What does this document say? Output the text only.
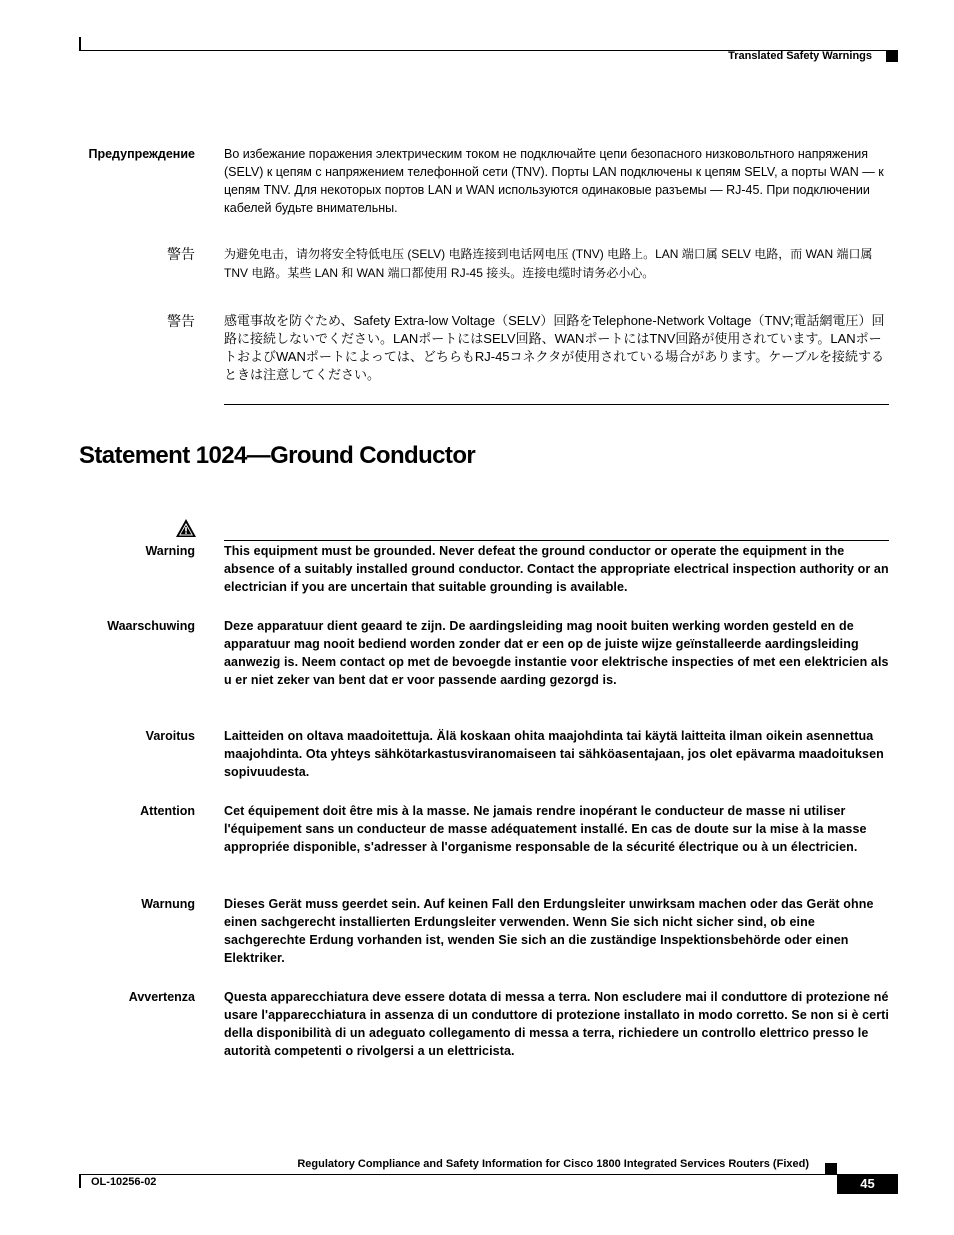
Translated Safety Warnings
Предупреждение Во избежание поражения электрическим током не подключайте цепи безопасного низковольтного напряжения (SELV) к цепям с напряжением телефонной сети (TNV). Порты LAN подключены к цепям SELV, а порты WAN — к цепям TNV. Для некоторых портов LAN и WAN используются одинаковые разъемы — RJ-45. При подключении кабелей будьте внимательны.
警告 为避免电击，请勿将安全特低电压 (SELV) 电路连接到电话网电压 (TNV) 电路上。LAN 端口属 SELV 电路，而 WAN 端口属 TNV 电路。某些 LAN 和 WAN 端口都使用 RJ-45 接头。连接电缆时请务必小心。
警告 感電事故を防ぐため、Safety Extra-low Voltage（SELV）回路をTelephone-Network Voltage（TNV;電話網電圧）回路に接続しないでください。LANポートにはSELV回路、WANポートにはTNV回路が使用されています。LANポートおよびWANポートによっては、どちらもRJ-45コネクタが使用されている場合があります。ケーブルを接続するときは注意してください。
Statement 1024—Ground Conductor
Warning This equipment must be grounded. Never defeat the ground conductor or operate the equipment in the absence of a suitably installed ground conductor. Contact the appropriate electrical inspection authority or an electrician if you are uncertain that suitable grounding is available.
Waarschuwing Deze apparatuur dient geaard te zijn. De aardingsleiding mag nooit buiten werking worden gesteld en de apparatuur mag nooit bediend worden zonder dat er een op de juiste wijze geïnstalleerde aardingsleiding aanwezig is. Neem contact op met de bevoegde instantie voor elektrische inspecties of met een elektricien als u er niet zeker van bent dat er voor passende aarding gezorgd is.
Varoitus Laitteiden on oltava maadoitettuja. Älä koskaan ohita maajohdinta tai käytä laitteita ilman oikein asennettua maajohdinta. Ota yhteys sähkötarkastusviranomaiseen tai sähköasentajaan, jos olet epävarma maadoituksen sopivuudesta.
Attention Cet équipement doit être mis à la masse. Ne jamais rendre inopérant le conducteur de masse ni utiliser l'équipement sans un conducteur de masse adéquatement installé. En cas de doute sur la mise à la masse appropriée disponible, s'adresser à l'organisme responsable de la sécurité électrique ou à un électricien.
Warnung Dieses Gerät muss geerdet sein. Auf keinen Fall den Erdungsleiter unwirksam machen oder das Gerät ohne einen sachgerecht installierten Erdungsleiter verwenden. Wenn Sie sich nicht sicher sind, ob eine sachgerechte Erdung vorhanden ist, wenden Sie sich an die zuständige Inspektionsbehörde oder einen Elektriker.
Avvertenza Questa apparecchiatura deve essere dotata di messa a terra. Non escludere mai il conduttore di protezione né usare l'apparecchiatura in assenza di un conduttore di protezione installato in modo corretto. Se non si è certi della disponibilità di un adeguato collegamento di messa a terra, richiedere un controllo elettrico presso le autorità competenti o rivolgersi a un elettricista.
Regulatory Compliance and Safety Information for Cisco 1800 Integrated Services Routers (Fixed)
OL-10256-02	45
